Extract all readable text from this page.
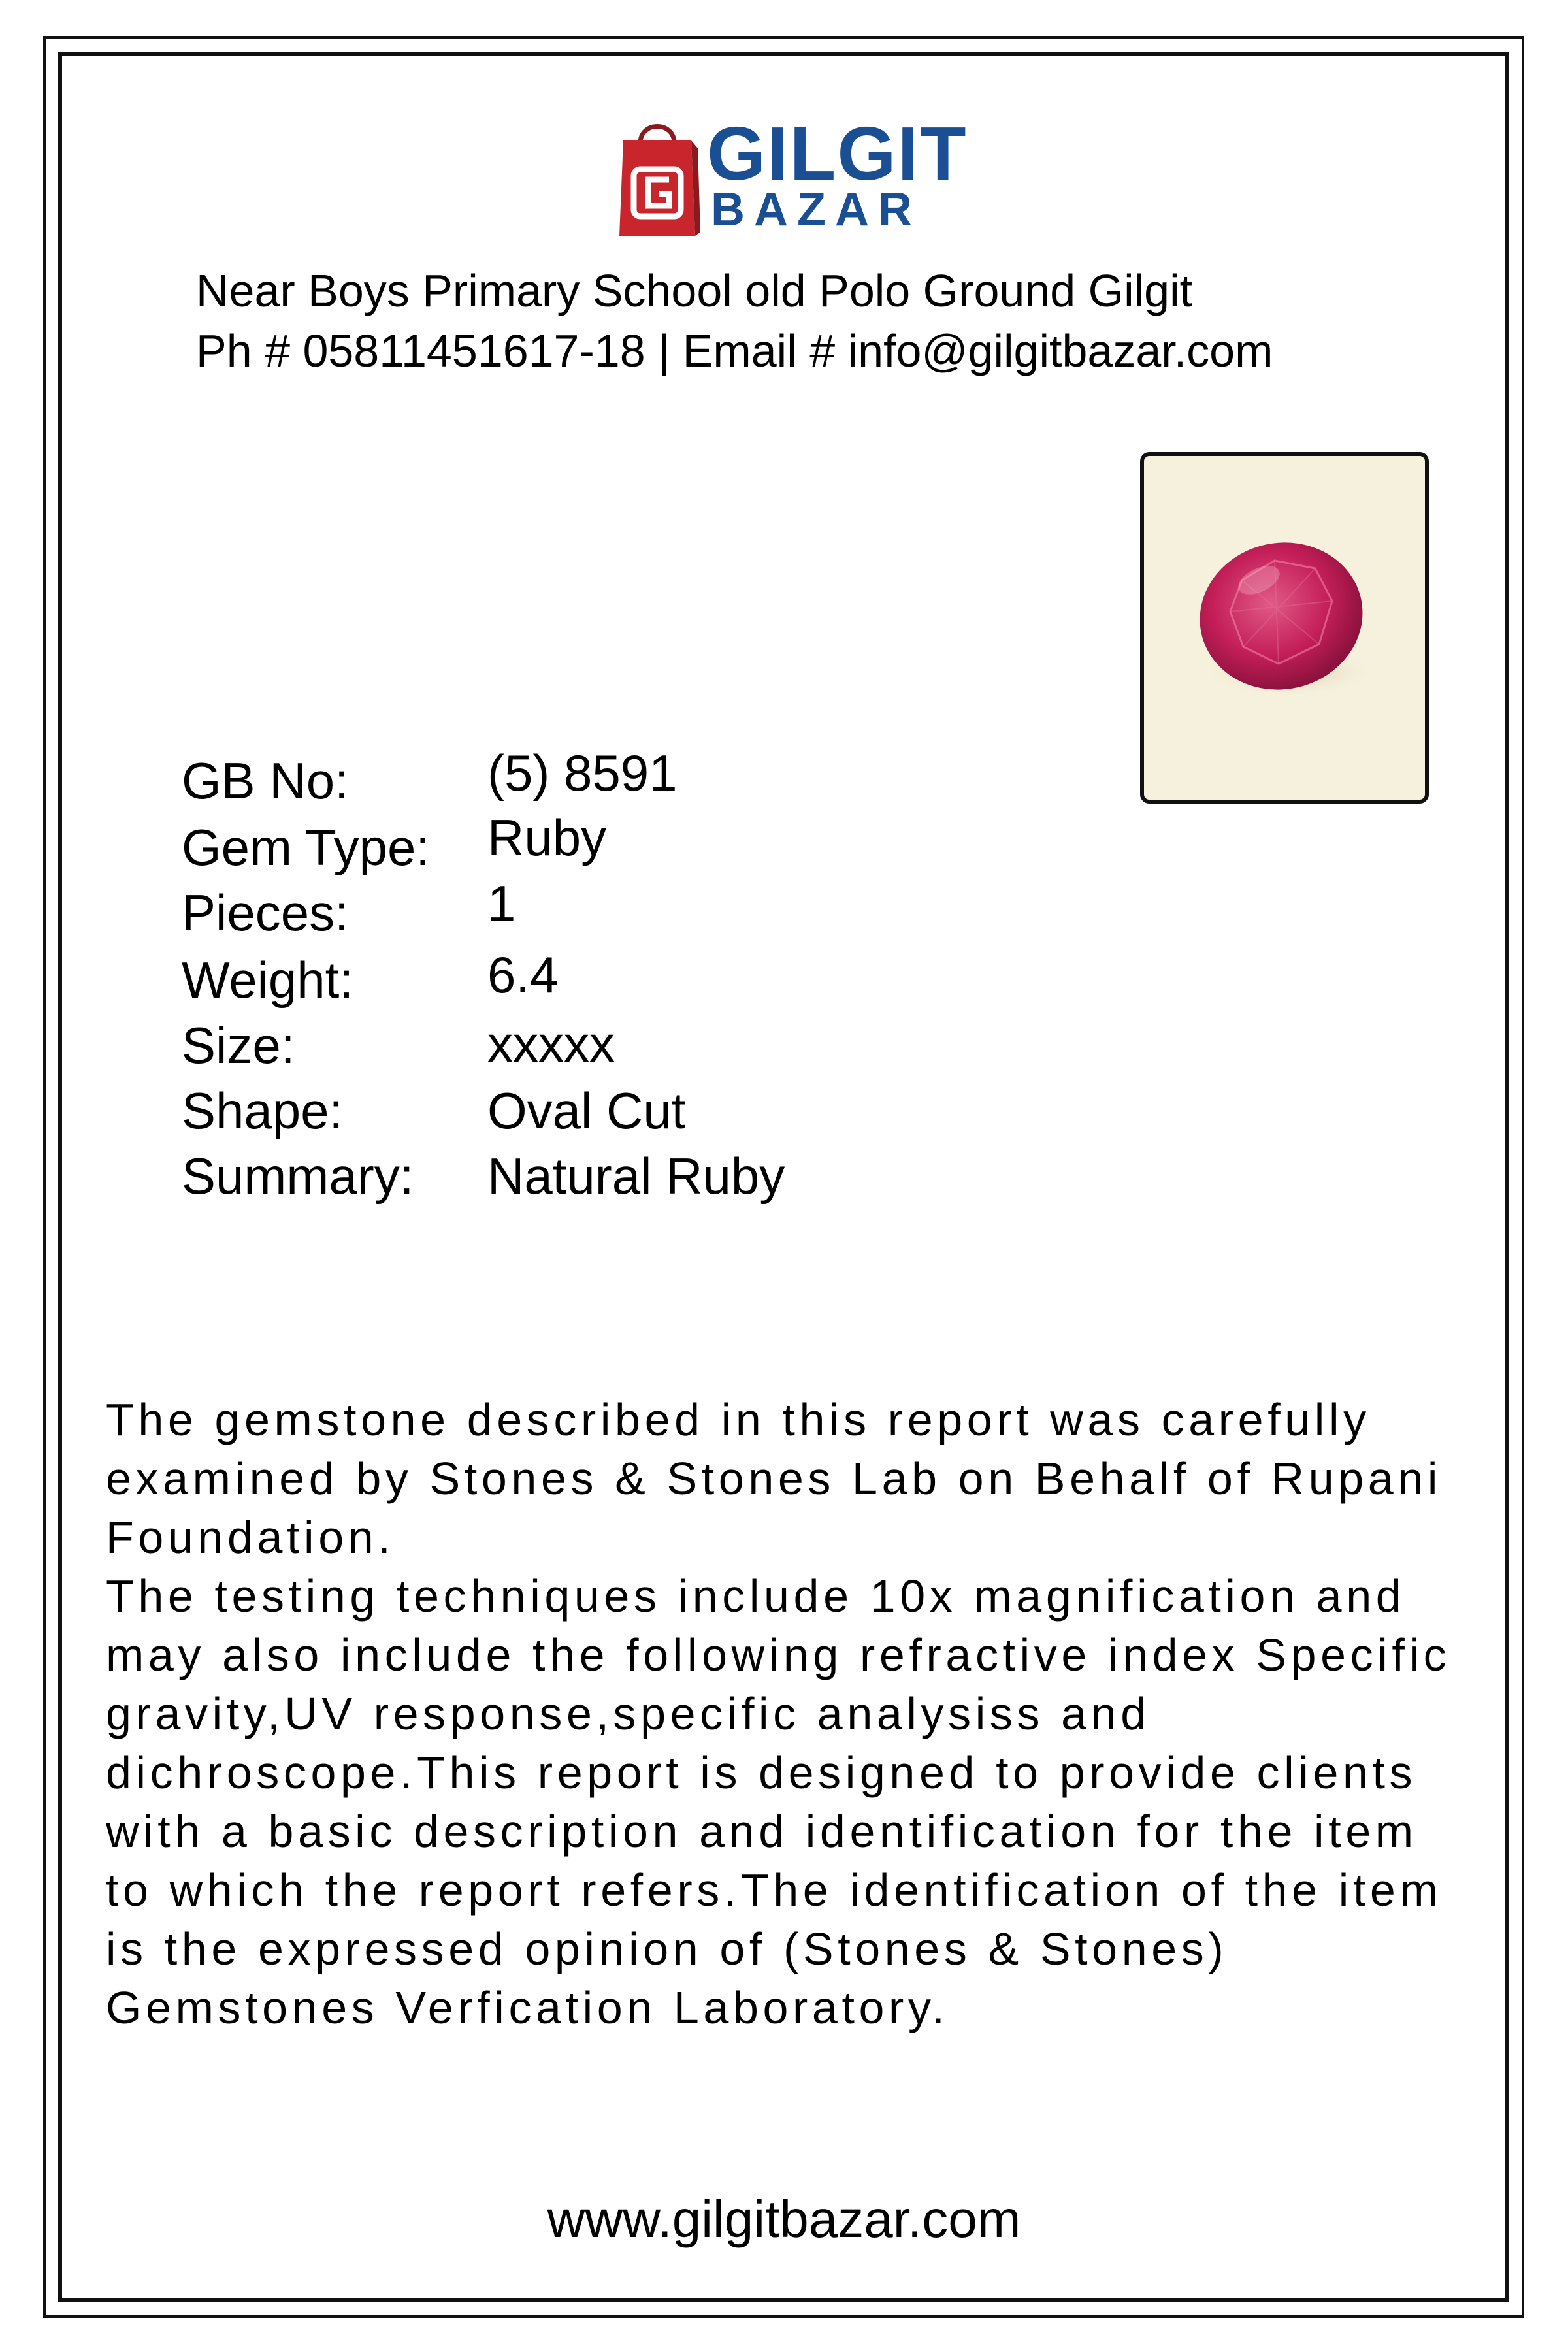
GILGIT
BAZAR
Near Boys Primary School old Polo Ground Gilgit
Ph # 05811451617-18 | Email # info@gilgitbazar.com
GB No:	(5) 8591
Gem Type: Ruby
Pieces:	1
Weight:	6.4
Size:	xxxxx
Shape:	Oval Cut
Summary: Natural Ruby

The gemstone described in this report was carefully examined by Stones & Stones Lab on Behalf of Rupani Foundation.

The testing techniques include 10x magnification and may also include the following refractive index Specific gravity,UV response,specific analysiss and dichroscope.This report is designed to provide clients with a basic description and identification for the item to which the report refers.The identification of the item is the expressed opinion of (Stones & Stones) Gemstones Verfication Laboratory.

www.gilgitbazar.com
